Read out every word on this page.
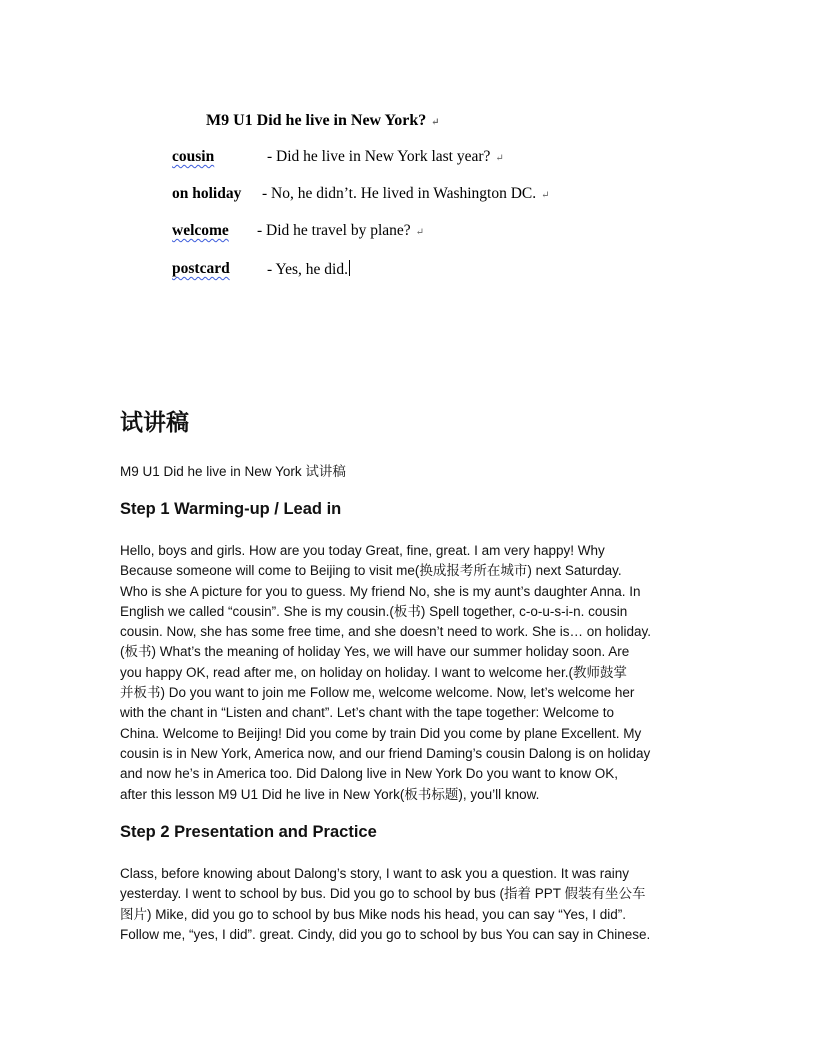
M9 U1 Did he live in New York? ↵
cousin	- Did he live in New York last year? ↵
on holiday - No, he didn’t. He lived in Washington DC. ↵
welcome - Did he travel by plane? ↵
postcard - Yes, he did.
试讲稿
M9 U1 Did he live in New York 试讲稿
Step 1 Warming-up / Lead in
Hello, boys and girls. How are you today Great, fine, great. I am very happy! Why
Because someone will come to Beijing to visit me(换成报考所在城市) next Saturday.
Who is she A picture for you to guess. My friend No, she is my aunt’s daughter Anna. In
English we called “cousin”. She is my cousin.(板书) Spell together, c-o-u-s-i-n. cousin
cousin. Now, she has some free time, and she doesn’t need to work. She is… on holiday.
(板书) What’s the meaning of holiday Yes, we will have our summer holiday soon. Are
you happy OK, read after me, on holiday on holiday. I want to welcome her.(教师鼓掌
并板书) Do you want to join me Follow me, welcome welcome. Now, let’s welcome her
with the chant in “Listen and chant”. Let’s chant with the tape together: Welcome to
China. Welcome to Beijing! Did you come by train Did you come by plane Excellent. My
cousin is in New York, America now, and our friend Daming’s cousin Dalong is on holiday
and now he’s in America too. Did Dalong live in New York Do you want to know OK,
after this lesson M9 U1 Did he live in New York(板书标题), you’ll know.
Step 2 Presentation and Practice
Class, before knowing about Dalong’s story, I want to ask you a question. It was rainy
yesterday. I went to school by bus. Did you go to school by bus (指着 PPT 假装有坐公车
图片) Mike, did you go to school by bus Mike nods his head, you can say “Yes, I did”.
Follow me, “yes, I did”. great. Cindy, did you go to school by bus You can say in Chinese.
